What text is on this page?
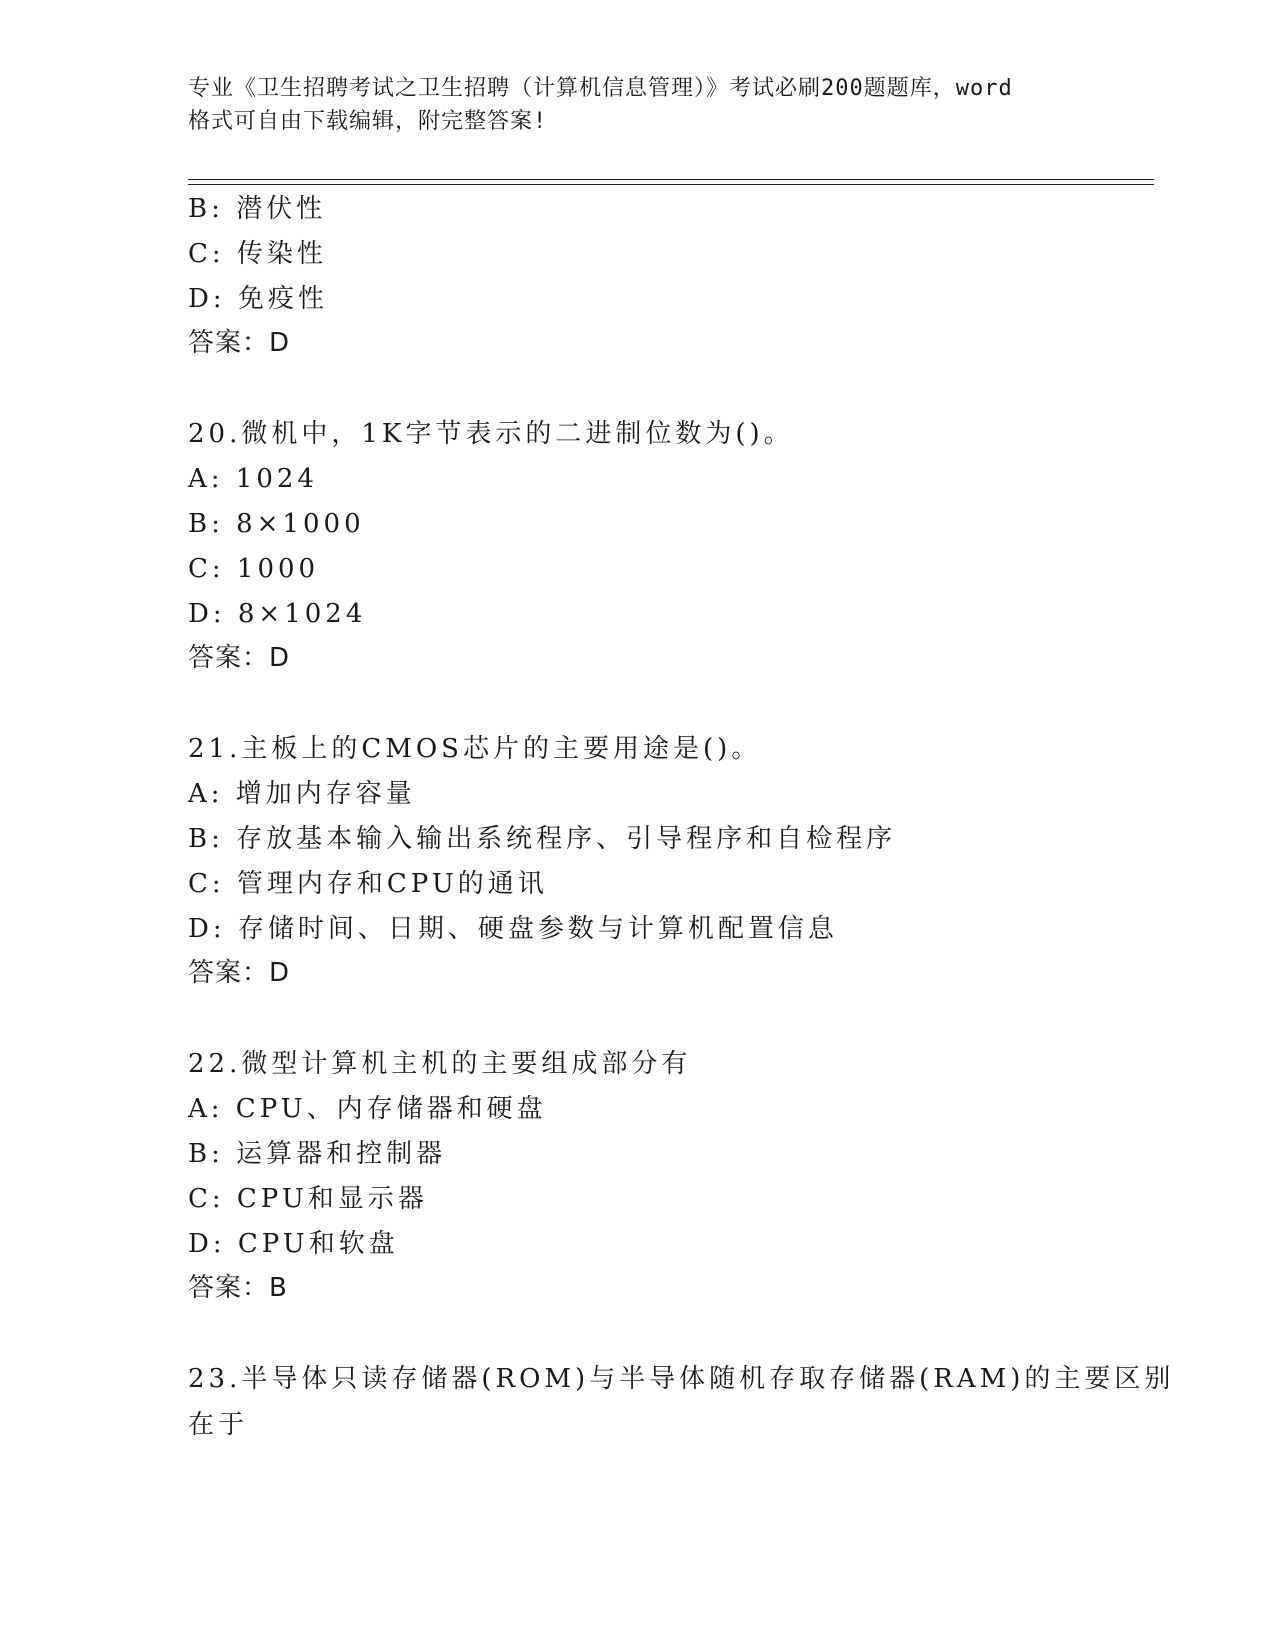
专业《卫生招聘考试之卫生招聘（计算机信息管理）》考试必刷200题题库，word
格式可自由下载编辑，附完整答案!
B: 潜伏性
C: 传染性
D: 免疫性
答案：D
20.微机中，1K字节表示的二进制位数为()。
A: 1024
B: 8×1000
C: 1000
D: 8×1024
答案：D
21.主板上的CMOS芯片的主要用途是()。
A: 增加内存容量
B: 存放基本输入输出系统程序、引导程序和自检程序
C: 管理内存和CPU的通讯
D: 存储时间、日期、硬盘参数与计算机配置信息
答案：D
22.微型计算机主机的主要组成部分有
A: CPU、内存储器和硬盘
B: 运算器和控制器
C: CPU和显示器
D: CPU和软盘
答案：B
23.半导体只读存储器(ROM)与半导体随机存取存储器(RAM)的主要区别
在于
